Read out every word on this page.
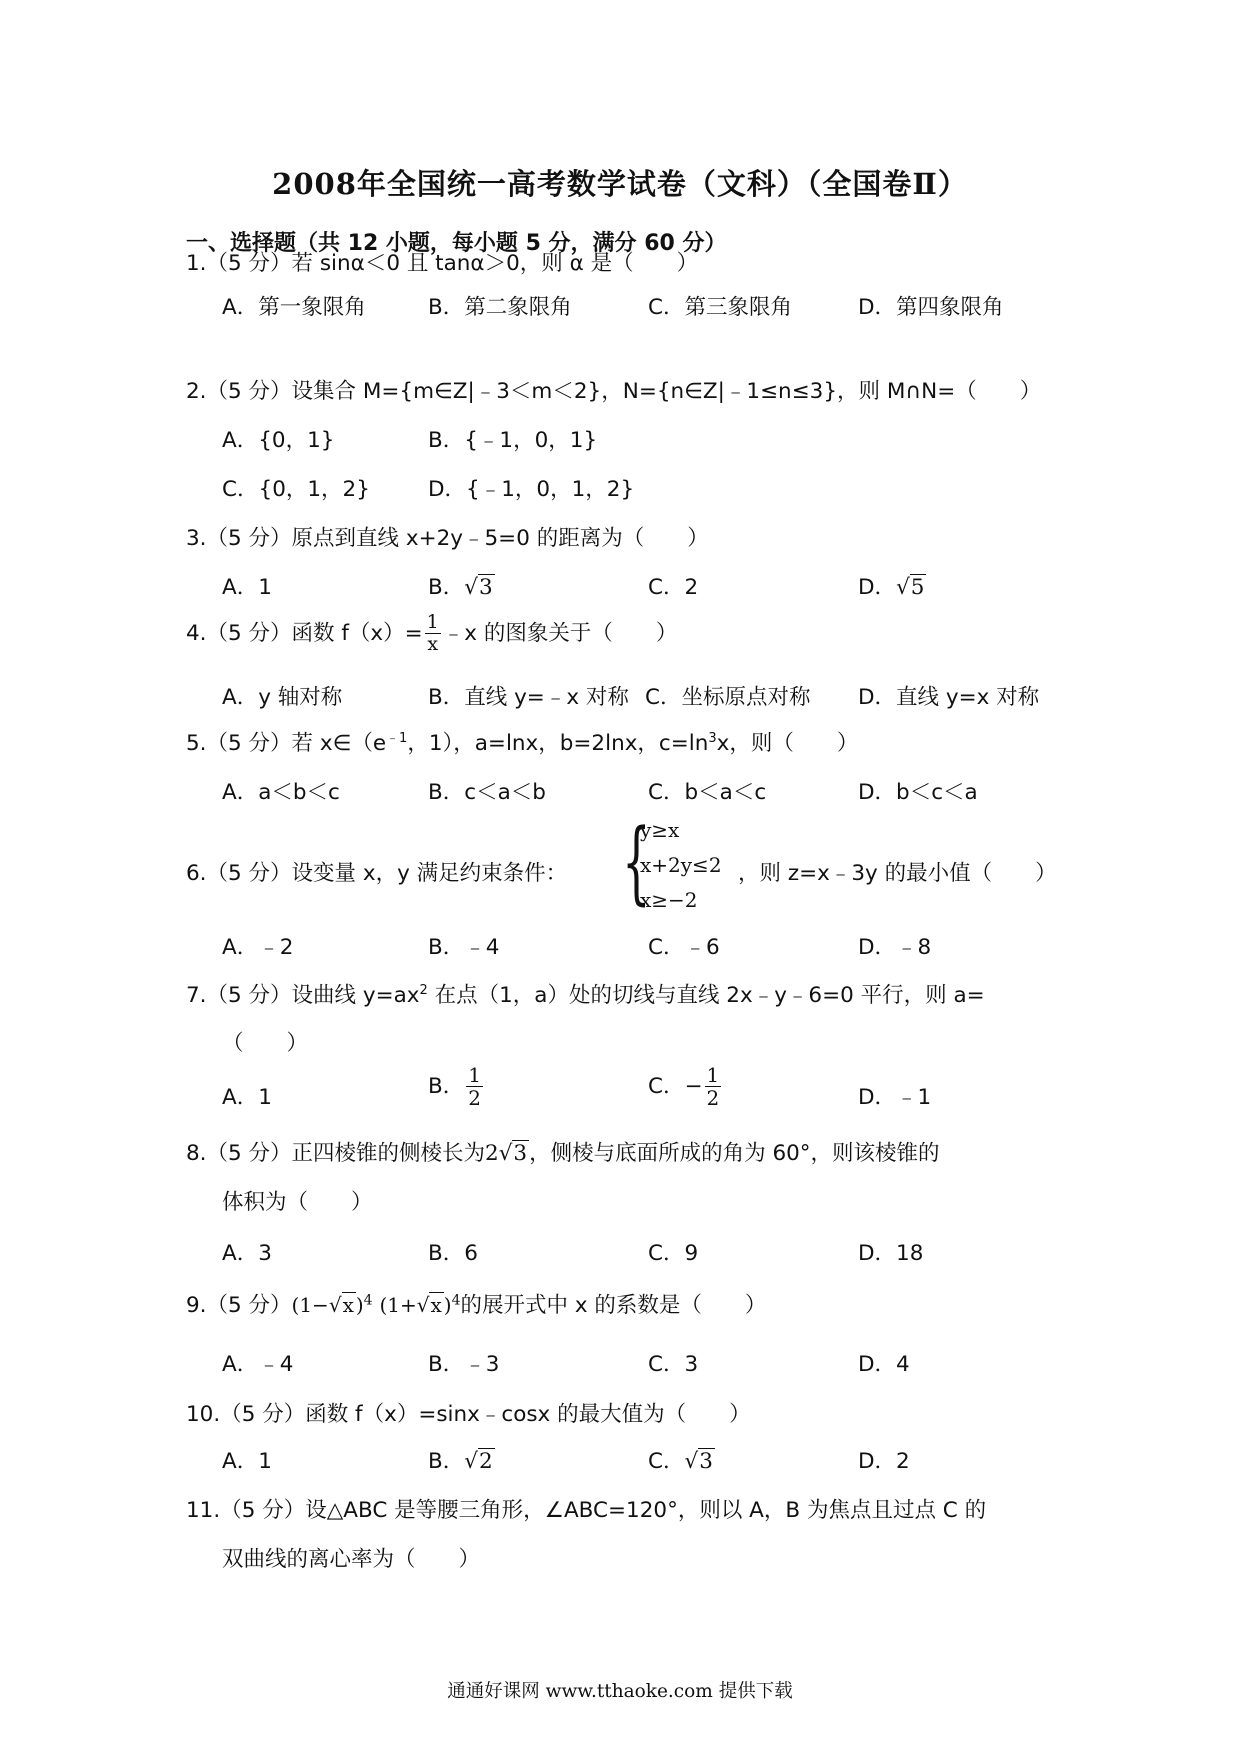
2008年全国统一高考数学试卷（文科）（全国卷Ⅱ）
一、选择题（共 12 小题，每小题 5 分，满分 60 分）
1.（5 分）若 sinα＜0 且 tanα＞0，则 α 是（　　）
A．第一象限角	B．第二象限角	C．第三象限角	D．第四象限角
2.（5 分）设集合 M={m∈Z|﹣3＜m＜2}，N={n∈Z|﹣1≤n≤3}，则 M∩N=（　　）
A．{0，1}	B．{﹣1，0，1}
C．{0，1，2}	D．{﹣1，0，1，2}
3.（5 分）原点到直线 x+2y﹣5=0 的距离为（　　）
A．1	B．√3	C．2	D．√5
4.（5 分）函数 $f(x)= \frac{1}{x}$ ﹣x 的图象关于（　　）
A．y 轴对称	B．直线 y=﹣x 对称 C．坐标原点对称 D．直线 y=x 对称
5.（5 分）若 $x\in(e^{﹣1}$，1），a=lnx，b=2lnx，$c=\ln^3x$，则（　　）
A．a＜b＜c	B．c＜a＜b	C．b＜a＜c	D．b＜c＜a
6.（5 分）设变量 x，y 满足约束条件： {
y≥x
x+2y≤2
x≥−2
，则 z=x﹣3y 的最小值（　　）
A．﹣2	B．﹣4	C．﹣6	D．﹣8
7.（5 分）设曲线 $y=ax^2$ 在点（1，a）处的切线与直线 2x﹣y﹣6=0 平行，则 a=
（　　）
A．1	B． $\frac{1}{2}$	C．− $\frac{1}{2}$	D．﹣1
8.（5 分）正四棱锥的侧棱长为2√3，侧棱与底面所成的角为 60°，则该棱锥的
体积为（　　）
A．3	B．6	C．9	D．18
9.（5 分）(1−√x )$^4$ (1+√x )$^4$的展开式中 x 的系数是（　　）
A．﹣4	B．﹣3	C．3	D．4
10.（5 分）函数 f（x）=sinx﹣cosx 的最大值为（　　）
A．1	B．√2	C．√3	D．2
11.（5 分）设△ABC 是等腰三角形，∠ABC=120°，则以 A，B 为焦点且过点 C 的
双曲线的离心率为（　　）
通通好课网 www.tthaoke.com 提供下载
